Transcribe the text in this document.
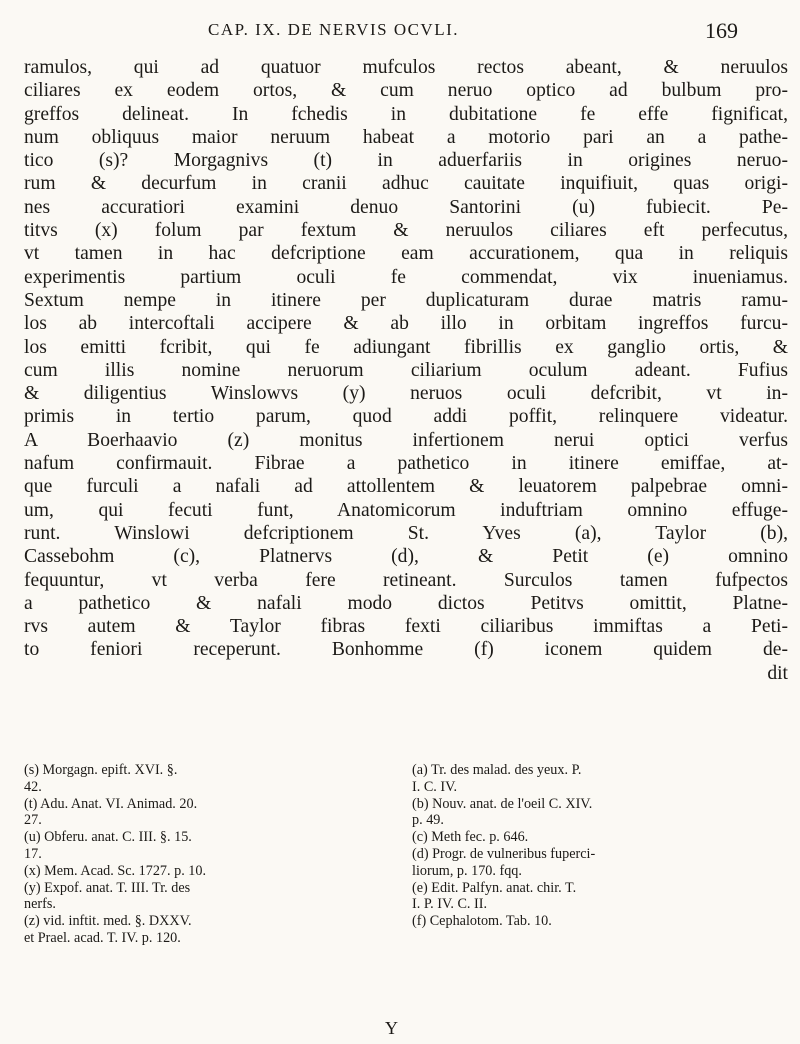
CAP. IX. DE NERVIS OCVLI.	169
ramulos, qui ad quatuor mufculos rectos abeant, & neruulos
ciliares ex eodem ortos, & cum neruo optico ad bulbum pro-
greffos delineat. In fchedis in dubitatione fe effe fignificat,
num obliquus maior neruum habeat a motorio pari an a pathe-
tico (s)? Morgagnivs (t) in aduerfariis in origines neruo-
rum & decurfum in cranii adhuc cauitate inquifiuit, quas origi-
nes accuratiori examini denuo Santorini (u) fubiecit. Pe-
titvs (x) folum par fextum & neruulos ciliares eft perfecutus,
vt tamen in hac defcriptione eam accurationem, qua in reliquis
experimentis partium oculi fe commendat, vix inueniamus.
Sextum nempe in itinere per duplicaturam durae matris ramu-
los ab intercoftali accipere & ab illo in orbitam ingreffos furcu-
los emitti fcribit, qui fe adiungant fibrillis ex ganglio ortis, &
cum illis nomine neruorum ciliarium oculum adeant. Fufius
& diligentius Winslowvs (y) neruos oculi defcribit, vt in-
primis in tertio parum, quod addi poffit, relinquere videatur.
A Boerhaavio (z) monitus infertionem nerui optici verfus
nafum confirmauit. Fibrae a pathetico in itinere emiffae, at-
que furculi a nafali ad attollentem & leuatorem palpebrae omni-
um, qui fecuti funt, Anatomicorum induftriam omnino effuge-
runt. Winslowi defcriptionem St. Yves (a), Taylor (b),
Cassebohm (c), Platnervs (d), & Petit (e) omnino
fequuntur, vt verba fere retineant. Surculos tamen fufpectos
a pathetico & nafali modo dictos Petitvs omittit, Platne-
rvs autem & Taylor fibras fexti ciliaribus immiftas a Peti-
to feniori receperunt. Bonhomme (f) iconem quidem de-
dit
(s) Morgagn. epift. XVI. §.
42.
(t) Adu. Anat. VI. Animad. 20.
27.
(u) Obferu. anat. C. III. §. 15.
17.
(x) Mem. Acad. Sc. 1727. p. 10.
(y) Expof. anat. T. III. Tr. des
nerfs.
(z) vid. inftit. med. §. DXXV.
et Prael. acad. T. IV. p. 120.
(a) Tr. des malad. des yeux. P.
I. C. IV.
(b) Nouv. anat. de l'oeil C. XIV.
p. 49.
(c) Meth fec. p. 646.
(d) Progr. de vulneribus fuperci-
liorum, p. 170. fqq.
(e) Edit. Palfyn. anat. chir. T.
I. P. IV. C. II.
(f) Cephalotom. Tab. 10.
Y
